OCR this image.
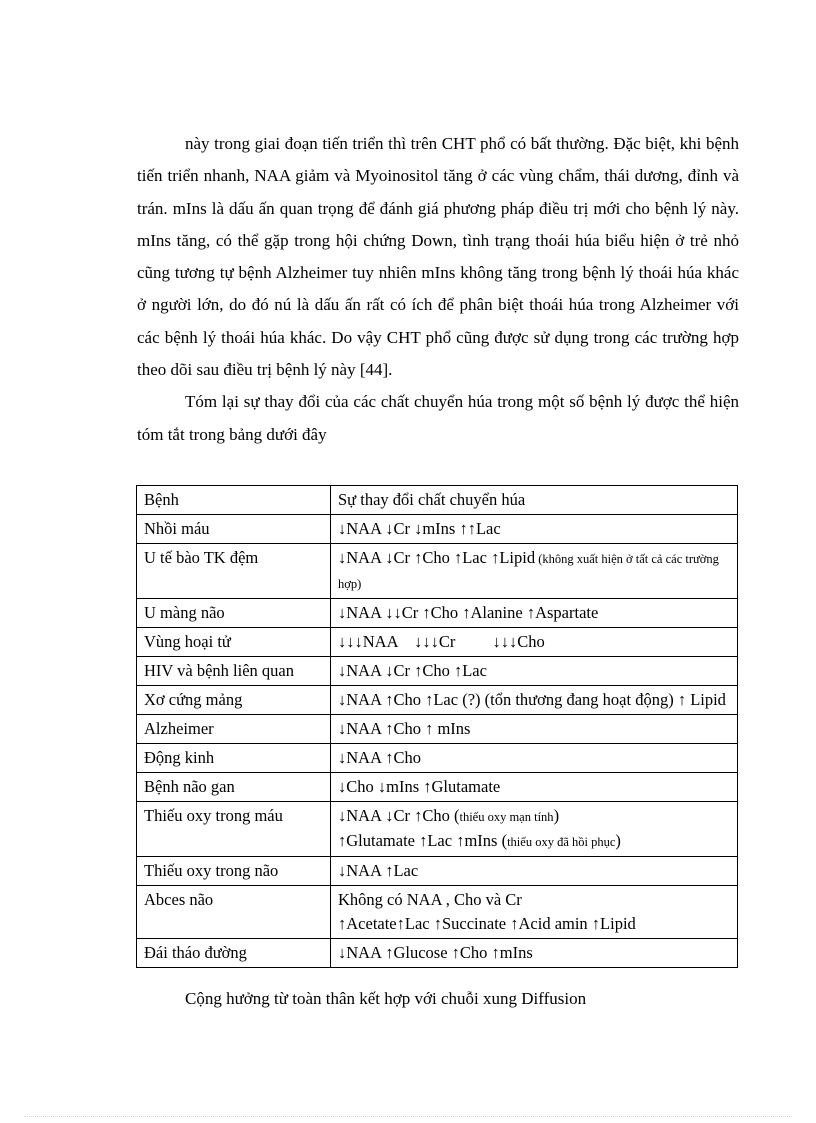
này trong giai đoạn tiến triển thì trên CHT phổ có bất thường. Đặc biệt, khi bệnh tiến triển nhanh, NAA giảm và Myoinositol tăng ở các vùng chẩm, thái dương, đỉnh và trán. mIns là dấu ấn quan trọng để đánh giá phương pháp điều trị mới cho bệnh lý này. mIns tăng, có thể gặp trong hội chứng Down, tình trạng thoái húa biểu hiện ở trẻ nhỏ cũng tương tự bệnh Alzheimer tuy nhiên mIns không tăng trong bệnh lý thoái húa khác ở người lớn, do đó nú là dấu ấn rất có ích để phân biệt thoái húa trong Alzheimer với các bệnh lý thoái húa khác. Do vậy CHT phổ cũng được sử dụng trong các trường hợp theo dõi sau điều trị bệnh lý này [44].

Tóm lại sự thay đổi của các chất chuyển húa trong một số bệnh lý được thể hiện tóm tắt trong bảng dưới đây

Bệnh	Sự thay đổi chất chuyển húa
Nhồi máu	↓NAA ↓Cr ↓mIns ↑↑Lac
U tế bào TK đệm	↓NAA ↓Cr ↑Cho ↑Lac ↑Lipid (không xuất hiện ở tất cả các trường hợp)
U màng não	↓NAA ↓↓Cr ↑Cho ↑Alanine ↑Aspartate
Vùng hoại tử	↓↓↓NAA    ↓↓↓Cr         ↓↓↓Cho
HIV và bệnh liên quan	↓NAA ↓Cr ↑Cho ↑Lac
Xơ cứng mảng	↓NAA ↑Cho ↑Lac (?) (tổn thương đang hoạt động) ↑ Lipid
Alzheimer	↓NAA ↑Cho ↑ mIns
Động kinh	↓NAA ↑Cho
Bệnh não gan	↓Cho ↓mIns ↑Glutamate
Thiếu oxy trong máu	↓NAA ↓Cr ↑Cho (thiếu oxy mạn tính)
↑Glutamate ↑Lac ↑mIns (thiếu oxy đã hồi phục)

Thiếu oxy trong não	↓NAA ↑Lac
Abces não	Không có NAA , Cho và Cr
↑Acetate↑Lac ↑Succinate ↑Acid amin ↑Lipid

Đái tháo đường	↓NAA ↑Glucose ↑Cho ↑mIns
Cộng hưởng từ toàn thân kết hợp với chuỗi xung Diffusion
